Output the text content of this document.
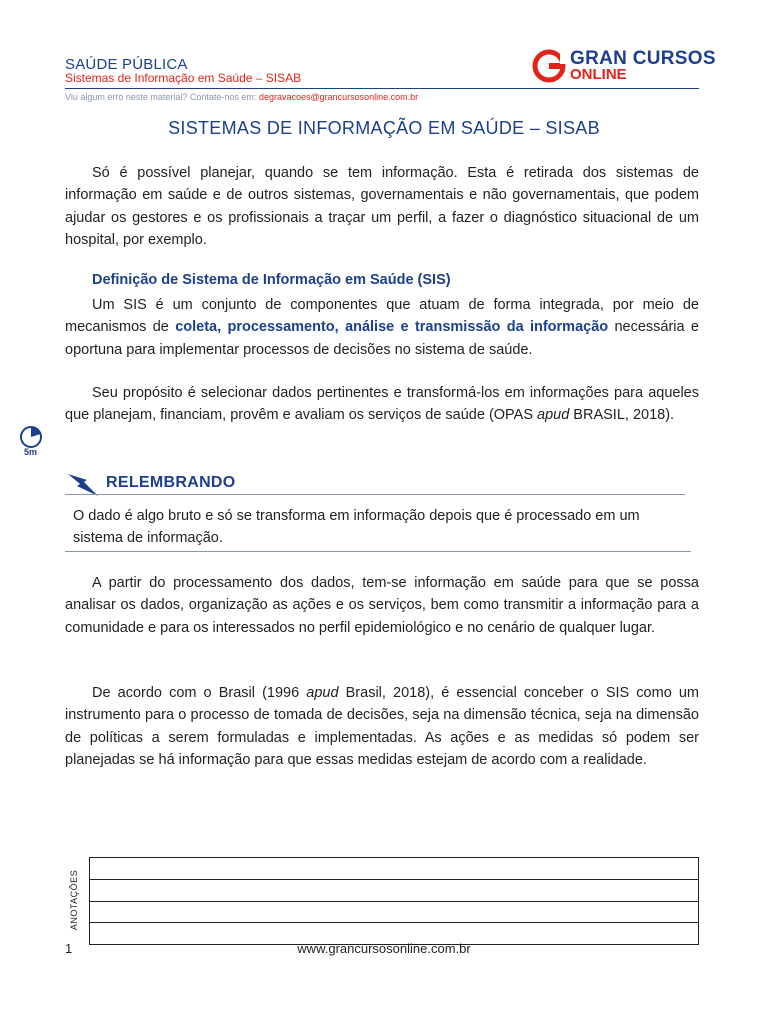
SAÚDE PÚBLICA
Sistemas de Informação em Saúde – SISAB
Viu algum erro neste material? Contate-nos em: degravacoes@grancursosonline.com.br
GRAN CURSOS
ONLINE
SISTEMAS DE INFORMAÇÃO EM SAÚDE – SISAB

Só é possível planejar, quando se tem informação. Esta é retirada dos sistemas de informação em saúde e de outros sistemas, governamentais e não governamentais, que podem ajudar os gestores e os profissionais a traçar um perfil, a fazer o diagnóstico situacional de um hospital, por exemplo.

Definição de Sistema de Informação em Saúde (SIS)

Um SIS é um conjunto de componentes que atuam de forma integrada, por meio de mecanismos de coleta, processamento, análise e transmissão da informação necessária e oportuna para implementar processos de decisões no sistema de saúde.

Seu propósito é selecionar dados pertinentes e transformá-los em informações para aqueles que planejam, financiam, provêm e avaliam os serviços de saúde (OPAS apud BRASIL, 2018).

5m
RELEMBRANDO
O dado é algo bruto e só se transforma em informação depois que é processado em um sistema de informação.

A partir do processamento dos dados, tem-se informação em saúde para que se possa analisar os dados, organização as ações e os serviços, bem como transmitir a informação para a comunidade e para os interessados no perfil epidemiológico e no cenário de qualquer lugar.

De acordo com o Brasil (1996 apud Brasil, 2018), é essencial conceber o SIS como um instrumento para o processo de tomada de decisões, seja na dimensão técnica, seja na dimensão de políticas a serem formuladas e implementadas. As ações e as medidas só podem ser planejadas se há informação para que essas medidas estejam de acordo com a realidade.

ANOTAÇÕES
1	www.grancursosonline.com.br
